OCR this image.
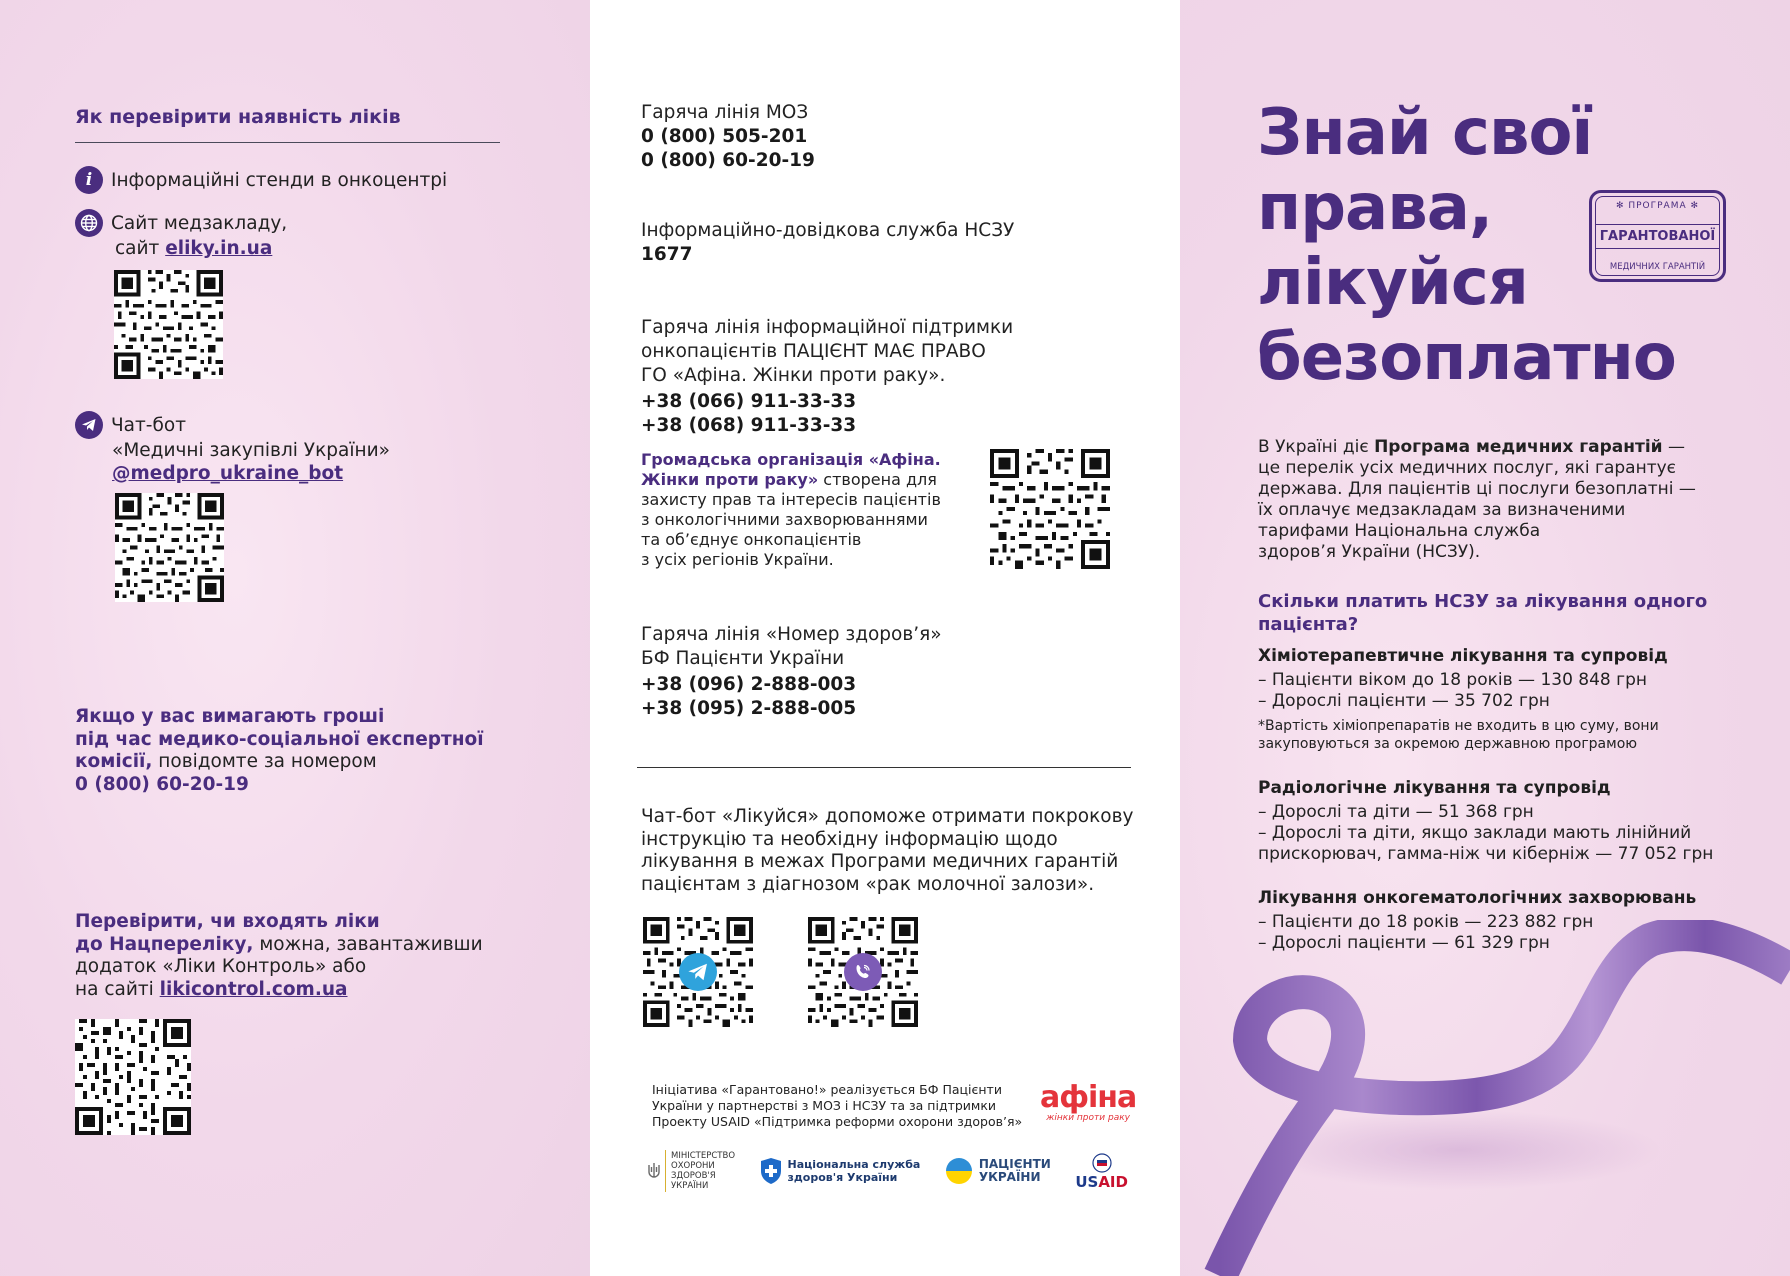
Як перевірити наявність ліків
i Інформаційні стенди в онкоцентрі
Сайт медзакладу,
сайт eliky.in.ua
Чат-бот
«Медичні закупівлі України»
@medpro_ukraine_bot
Якщо у вас вимагають гроші
під час медико-соціальної експертної
комісії, повідомте за номером
0 (800) 60-20-19
Перевірити, чи входять ліки
до Нацпереліку, можна, завантаживши
додаток «Ліки Контроль» або
на сайті likicontrol.com.ua
Гаряча лінія МОЗ
0 (800) 505-201
0 (800) 60-20-19
Інформаційно-довідкова служба НСЗУ
1677
Гаряча лінія інформаційної підтримки
онкопацієнтів ПАЦІЄНТ МАЄ ПРАВО
ГО «Афіна. Жінки проти раку».
+38 (066) 911-33-33
+38 (068) 911-33-33
Громадська організація «Афіна.
Жінки проти раку» створена для
захисту прав та інтересів пацієнтів
з онкологічними захворюваннями
та об’єднує онкопацієнтів
з усіх регіонів України.
Гаряча лінія «Номер здоров’я»
БФ Пацієнти України
+38 (096) 2-888-003
+38 (095) 2-888-005
Чат-бот «Лікуйся» допоможе отримати покрокову
інструкцію та необхідну інформацію щодо
лікування в межах Програми медичних гарантій
пацієнтам з діагнозом «рак молочної залози».
Ініціатива «Гарантовано!» реалізується БФ Пацієнти
України у партнерстві з МОЗ і НСЗУ та за підтримки
Проекту USAID «Підтримка реформи охорони здоров’я»
афіна
жінки проти раку
МІНІСТЕРСТВО
ОХОРОНИ
ЗДОРОВ'Я
УКРАЇНИ
Національна служба
здоров'я України
ПАЦІЄНТИ
УКРАЇНИ	USAID
Знай свої
права,
лікуйся
безоплатно
✻ ПРОГРАМА ✻
ГАРАНТОВАНОЇ
МЕДИЧНИХ ГАРАНТІЙ
В Україні діє Програма медичних гарантій —
це перелік усіх медичних послуг, які гарантує
держава. Для пацієнтів ці послуги безоплатні —
їх оплачує медзакладам за визначеними
тарифами Національна служба
здоров’я України (НСЗУ).
Скільки платить НСЗУ за лікування одного
пацієнта?
Хіміотерапевтичне лікування та супровід
– Пацієнти віком до 18 років — 130 848 грн
– Дорослі пацієнти — 35 702 грн
*Вартість хіміопрепаратів не входить в цю суму, вони
закуповуються за окремою державною програмою
Радіологічне лікування та супровід
– Дорослі та діти — 51 368 грн
– Дорослі та діти, якщо заклади мають лінійний
прискорювач, гамма-ніж чи кіберніж — 77 052 грн
Лікування онкогематологічних захворювань
– Пацієнти до 18 років — 223 882 грн
– Дорослі пацієнти — 61 329 грн
